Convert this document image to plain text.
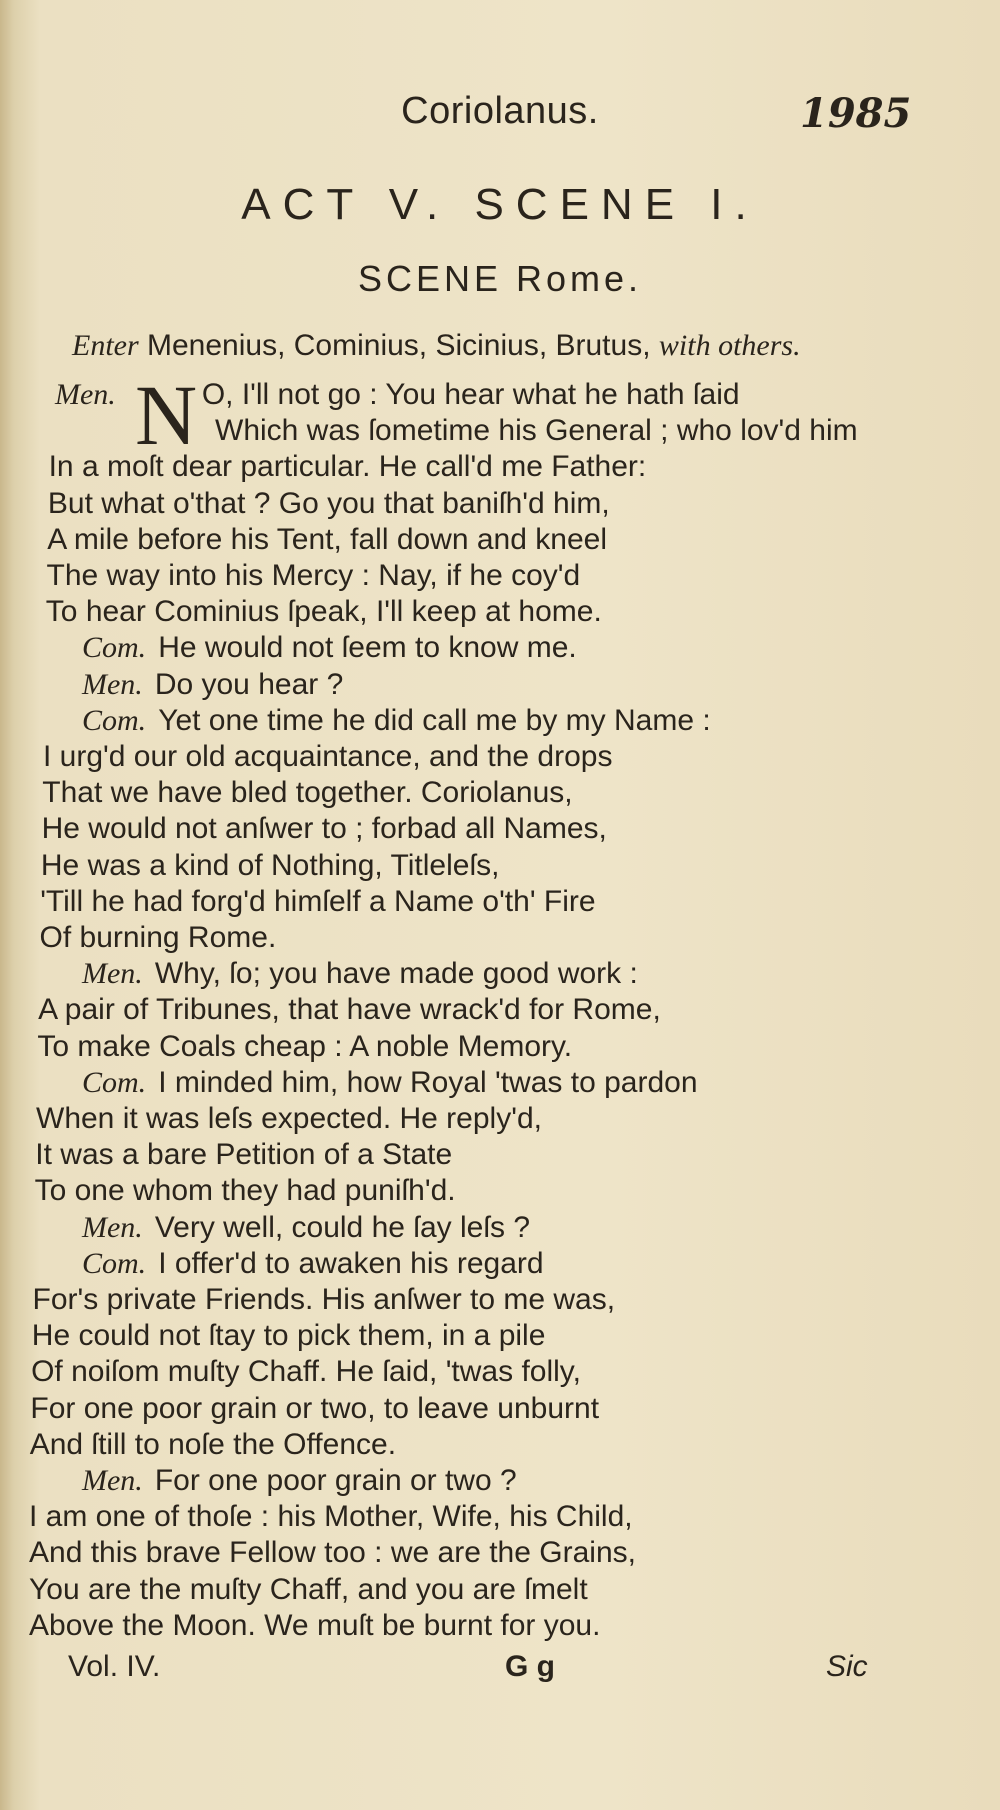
Coriolanus.	1985
ACT V. SCENE I.
SCENE Rome.
Enter Menenius, Cominius, Sicinius, Brutus, with others.
N
Men.	O, I'll not go : You hear what he hath ſaid
Which was ſometime his General ; who lov'd him
In a moſt dear particular. He call'd me Father:
But what o'that ? Go you that baniſh'd him,
A mile before his Tent, fall down and kneel
The way into his Mercy : Nay, if he coy'd
To hear Cominius ſpeak, I'll keep at home.
Com. He would not ſeem to know me.
Men. Do you hear ?
Com. Yet one time he did call me by my Name :
I urg'd our old acquaintance, and the drops
That we have bled together. Coriolanus,
He would not anſwer to ; forbad all Names,
He was a kind of Nothing, Titleleſs,
'Till he had forg'd himſelf a Name o'th' Fire
Of burning Rome.
Men. Why, ſo; you have made good work :
A pair of Tribunes, that have wrack'd for Rome,
To make Coals cheap : A noble Memory.
Com. I minded him, how Royal 'twas to pardon
When it was leſs expected. He reply'd,
It was a bare Petition of a State
To one whom they had puniſh'd.
Men. Very well, could he ſay leſs ?
Com. I offer'd to awaken his regard
For's private Friends. His anſwer to me was,
He could not ſtay to pick them, in a pile
Of noiſom muſty Chaff. He ſaid, 'twas folly,
For one poor grain or two, to leave unburnt
And ſtill to noſe the Offence.
Men. For one poor grain or two ?
I am one of thoſe : his Mother, Wife, his Child,
And this brave Fellow too : we are the Grains,
You are the muſty Chaff, and you are ſmelt
Above the Moon. We muſt be burnt for you.
Vol. IV.	G g	Sic
